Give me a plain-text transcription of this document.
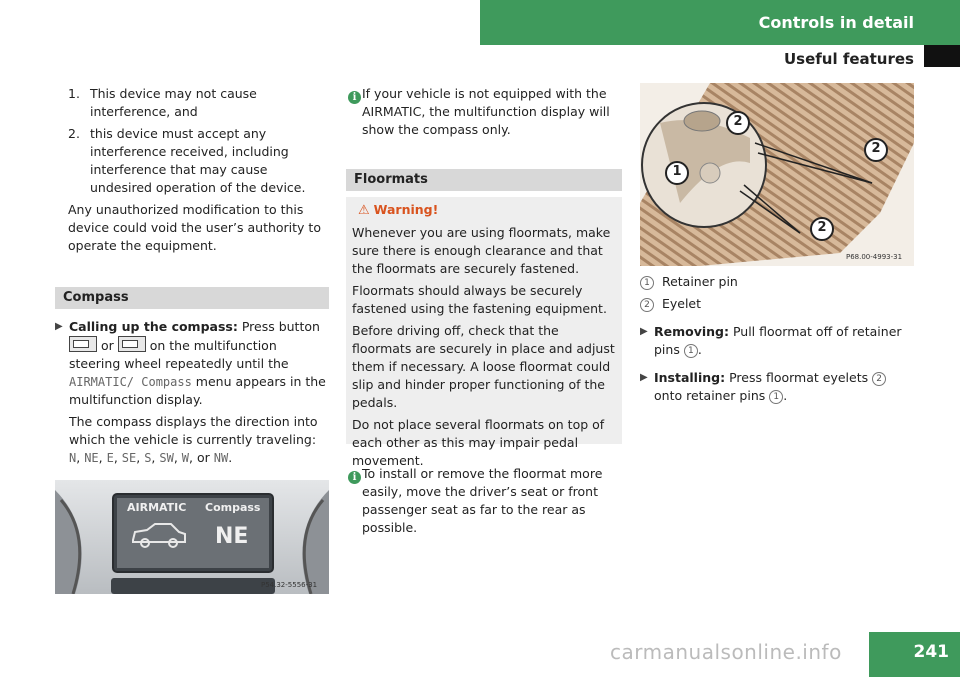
Controls in detail
Useful features
1. This device may not cause interference, and
2. this device must accept any interference received, including interference that may cause undesired operation of the device.
Any unauthorized modification to this device could void the user’s authority to operate the equipment.
Compass
▶ Calling up the compass: Press button  or  on the multifunction steering wheel repeatedly until the AIRMATIC/ Compass menu appears in the multifunction display.
The compass displays the direction into which the vehicle is currently traveling: N, NE, E, SE, S, SW, W, or NW.
AIRMATIC Compass
NE
P54.32-5556-31
i If your vehicle is not equipped with the AIRMATIC, the multifunction display will show the compass only.
Floormats
⚠ Warning!
Whenever you are using floormats, make sure there is enough clearance and that the floormats are securely fastened.
Floormats should always be securely fastened using the fastening equipment.
Before driving off, check that the floormats are securely in place and adjust them if necessary. A loose floormat could slip and hinder proper functioning of the pedals.
Do not place several floormats on top of each other as this may impair pedal movement.
i To install or remove the floormat more easily, move the driver’s seat or front passenger seat as far to the rear as possible.
2
1
2
2
P68.00-4993-31
1 Retainer pin
2 Eyelet
▶ Removing: Pull floormat off of retainer pins 1 .
▶ Installing: Press floormat eyelets 2 onto retainer pins 1 .
241
carmanualsonline.info
